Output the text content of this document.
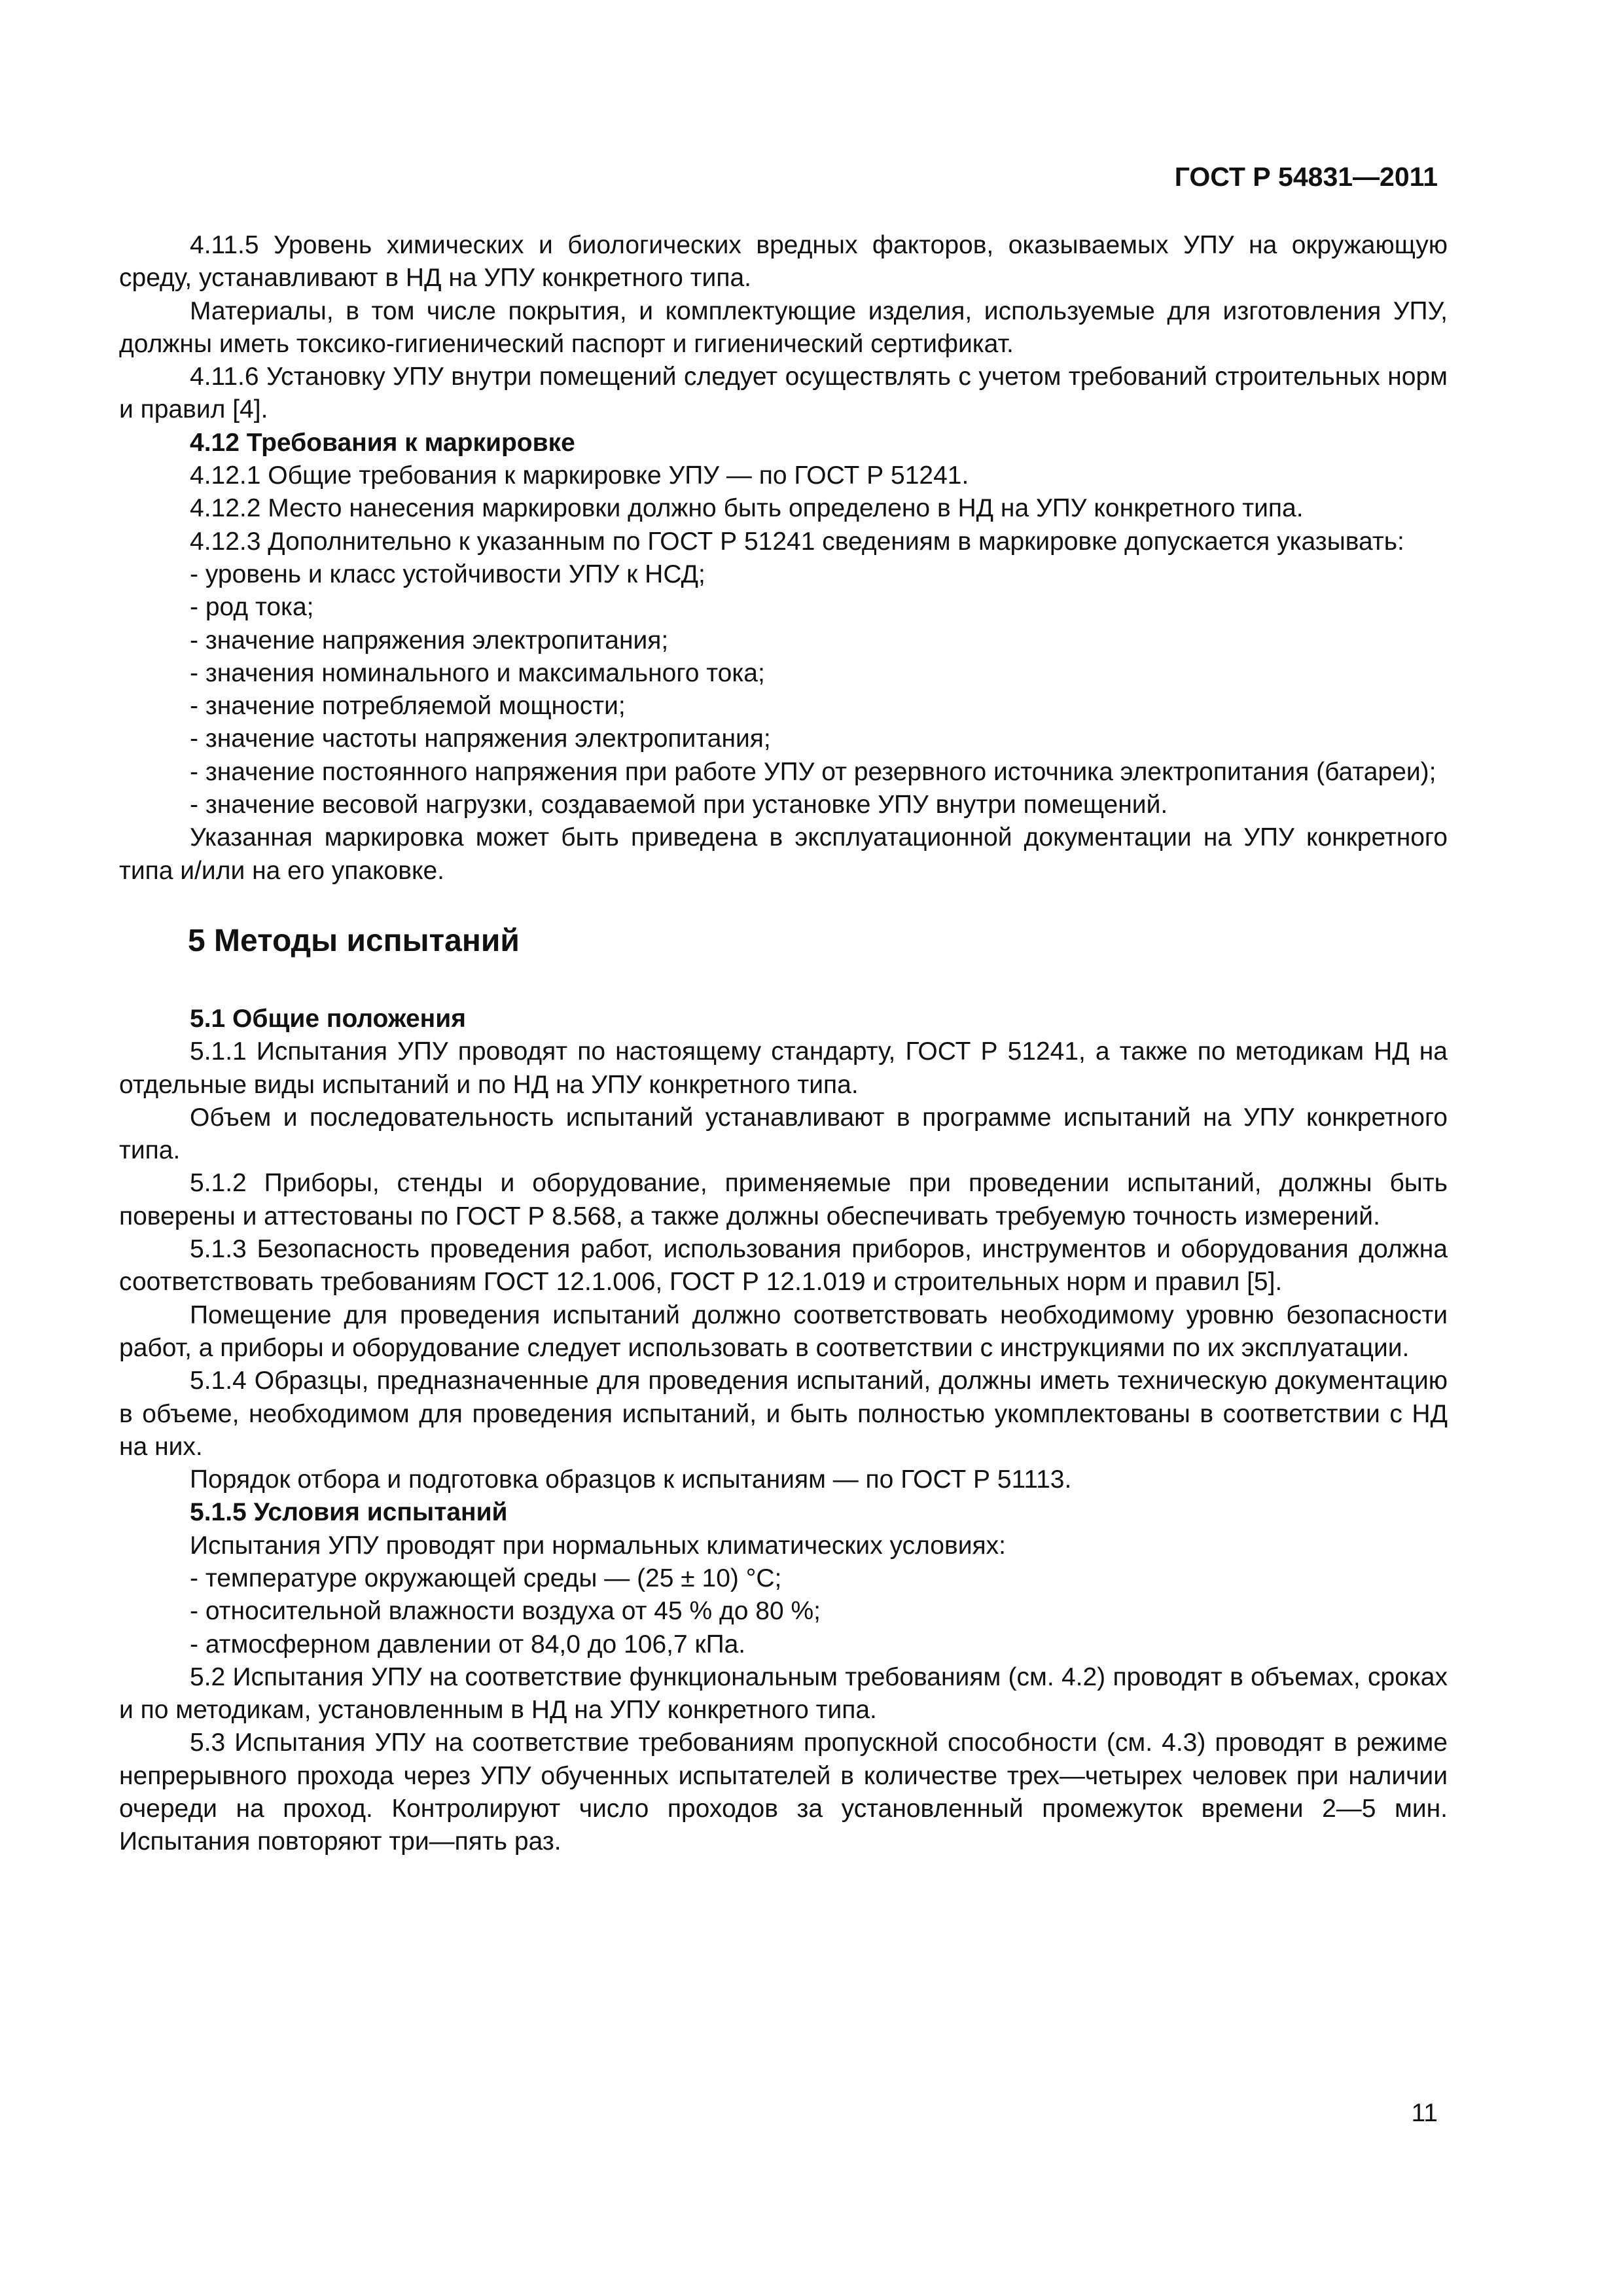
ГОСТ Р 54831—2011

4.11.5 Уровень химических и биологических вредных факторов, оказываемых УПУ на окружающую среду, устанавливают в НД на УПУ конкретного типа.

Материалы, в том числе покрытия, и комплектующие изделия, используемые для изготовления УПУ, должны иметь токсико-гигиенический паспорт и гигиенический сертификат.

4.11.6 Установку УПУ внутри помещений следует осуществлять с учетом требований строительных норм и правил [4].

4.12 Требования к маркировке

4.12.1 Общие требования к маркировке УПУ — по ГОСТ Р 51241.

4.12.2 Место нанесения маркировки должно быть определено в НД на УПУ конкретного типа.

4.12.3 Дополнительно к указанным по ГОСТ Р 51241 сведениям в маркировке допускается указывать:

- уровень и класс устойчивости УПУ к НСД;

- род тока;

- значение напряжения электропитания;

- значения номинального и максимального тока;

- значение потребляемой мощности;

- значение частоты напряжения электропитания;

- значение постоянного напряжения при работе УПУ от резервного источника электропитания (батареи);

- значение весовой нагрузки, создаваемой при установке УПУ внутри помещений.

Указанная маркировка может быть приведена в эксплуатационной документации на УПУ конкретного типа и/или на его упаковке.

5 Методы испытаний

5.1 Общие положения

5.1.1 Испытания УПУ проводят по настоящему стандарту, ГОСТ Р 51241, а также по методикам НД на отдельные виды испытаний и по НД на УПУ конкретного типа.

Объем и последовательность испытаний устанавливают в программе испытаний на УПУ конкретного типа.

5.1.2 Приборы, стенды и оборудование, применяемые при проведении испытаний, должны быть поверены и аттестованы по ГОСТ Р 8.568, а также должны обеспечивать требуемую точность измерений.

5.1.3 Безопасность проведения работ, использования приборов, инструментов и оборудования должна соответствовать требованиям ГОСТ 12.1.006, ГОСТ Р 12.1.019 и строительных норм и правил [5].

Помещение для проведения испытаний должно соответствовать необходимому уровню безопасности работ, а приборы и оборудование следует использовать в соответствии с инструкциями по их эксплуатации.

5.1.4 Образцы, предназначенные для проведения испытаний, должны иметь техническую документацию в объеме, необходимом для проведения испытаний, и быть полностью укомплектованы в соответствии с НД на них.

Порядок отбора и подготовка образцов к испытаниям — по ГОСТ Р 51113.

5.1.5 Условия испытаний

Испытания УПУ проводят при нормальных климатических условиях:

- температуре окружающей среды — (25 ± 10) °С;

- относительной влажности воздуха от 45 % до 80 %;

- атмосферном давлении от 84,0 до 106,7 кПа.

5.2 Испытания УПУ на соответствие функциональным требованиям (см. 4.2) проводят в объемах, сроках и по методикам, установленным в НД на УПУ конкретного типа.

5.3 Испытания УПУ на соответствие требованиям пропускной способности (см. 4.3) проводят в режиме непрерывного прохода через УПУ обученных испытателей в количестве трех—четырех человек при наличии очереди на проход. Контролируют число проходов за установленный промежуток времени 2—5 мин. Испытания повторяют три—пять раз.

11
